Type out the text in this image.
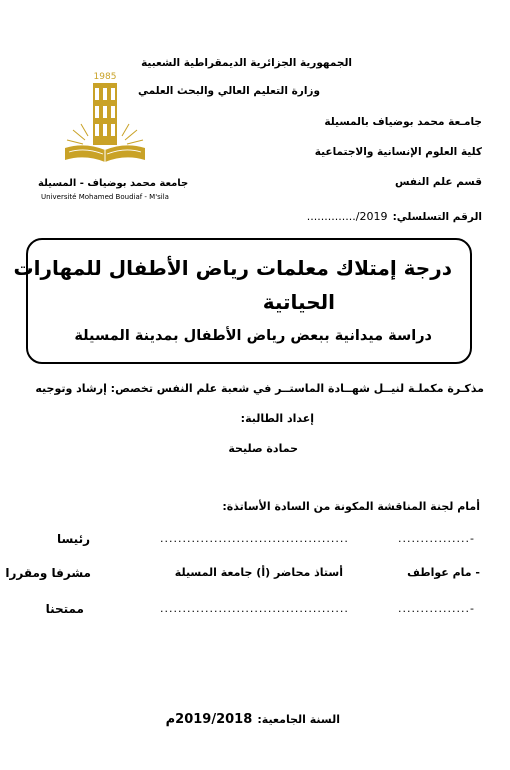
الجمهورية الجزائرية الديمقراطية الشعبية
وزارة التعليم العالي والبحث العلمي
جامـعة محمد بوضياف بالمسيلة
كلية العلوم الإنسانية والاجتماعية
قسم علم النفس
الرقم التسلسلي: 2019/..............
1985
جامعة محمد بوضياف - المسيلة
Université Mohamed Boudiaf - M'sila
درجة إمتلاك معلمات رياض الأطفال للمهارات
الحياتية
دراسة ميدانية ببعض رياض الأطفال بمدينة المسيلة
مذكـرة مكملـة لنيــل شهــادة الماستــر في شعبة علم النفس تخصص: إرشاد وتوجيه
إعداد الطالبة:
حمادة صليحة
أمام لجنة المناقشة المكونة من السادة الأساتذة:
................-
..........................................
رئيسا
- مام عواطف
أستاذ محاضر (أ) جامعة المسيلة
مشرفا ومقررا
................-
..........................................
ممتحنا
السنة الجامعية: 2019/2018م
